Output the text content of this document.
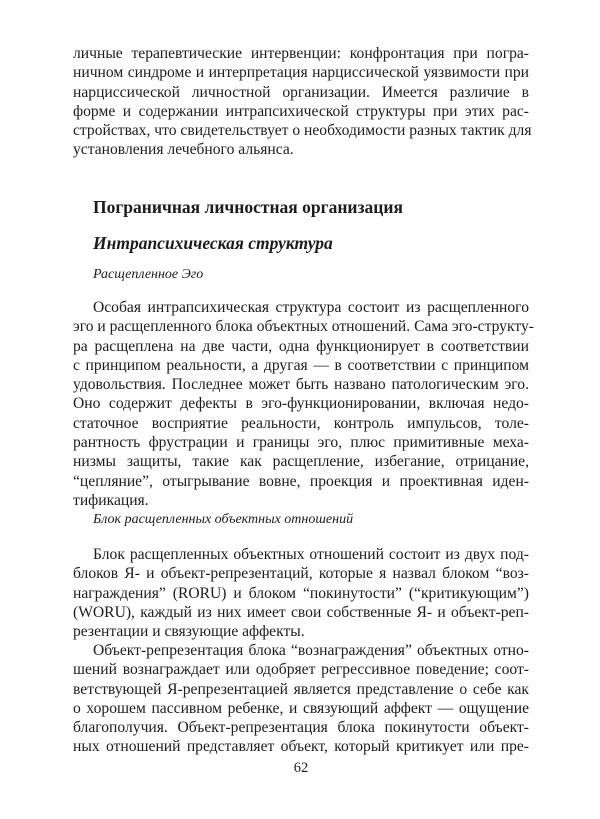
личные терапевтические интервенции: конфронтация при погра-
ничном синдроме и интерпретация нарциссической уязвимости при
нарциссической личностной организации. Имеется различие в
форме и содержании интрапсихической структуры при этих рас-
стройствах, что свидетельствует о необходимости разных тактик для
установления лечебного альянса.
Пограничная личностная организация
Интрапсихическая структура
Расщепленное Эго
Особая интрапсихическая структура состоит из расщепленного
эго и расщепленного блока объектных отношений. Сама эго-структу-
ра расщеплена на две части, одна функционирует в соответствии
с принципом реальности, а другая — в соответствии с принципом
удовольствия. Последнее может быть названо патологическим эго.
Оно содержит дефекты в эго-функционировании, включая недо-
статочное восприятие реальности, контроль импульсов, толе-
рантность фрустрации и границы эго, плюс примитивные меха-
низмы защиты, такие как расщепление, избегание, отрицание,
“цепляние”, отыгрывание вовне, проекция и проективная иден-
тификация.
Блок расщепленных объектных отношений
Блок расщепленных объектных отношений состоит из двух под-
блоков Я- и объект-репрезентаций, которые я назвал блоком “воз-
награждения” (RORU) и блоком “покинутости” (“критикующим”)
(WORU), каждый из них имеет свои собственные Я- и объект-реп-
резентации и связующие аффекты.
Объект-репрезентация блока “вознаграждения” объектных отно-
шений вознаграждает или одобряет регрессивное поведение; соот-
ветствующей Я-репрезентацией является представление о себе как
о хорошем пассивном ребенке, и связующий аффект — ощущение
благополучия. Объект-репрезентация блока покинутости объект-
ных отношений представляет объект, который критикует или пре-
62
